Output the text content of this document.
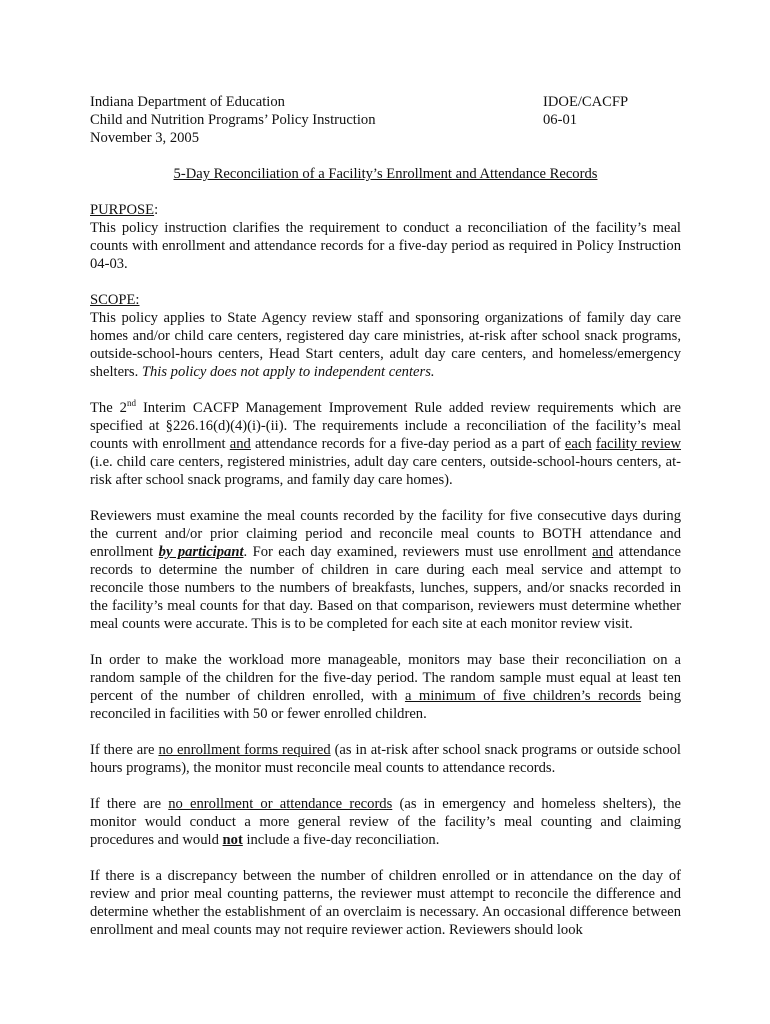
Indiana Department of Education	IDOE/CACFP
Child and Nutrition Programs’ Policy Instruction	06-01
November 3, 2005
5-Day Reconciliation of a Facility’s Enrollment and Attendance Records
PURPOSE:

This policy instruction clarifies the requirement to conduct a reconciliation of the facility’s meal counts with enrollment and attendance records for a five-day period as required in Policy Instruction 04-03.

SCOPE:

This policy applies to State Agency review staff and sponsoring organizations of family day care homes and/or child care centers, registered day care ministries, at-risk after school snack programs, outside-school-hours centers, Head Start centers, adult day care centers, and homeless/emergency shelters. This policy does not apply to independent centers.

The 2nd Interim CACFP Management Improvement Rule added review requirements which are specified at §226.16(d)(4)(i)-(ii). The requirements include a reconciliation of the facility’s meal counts with enrollment and attendance records for a five-day period as a part of each facility review (i.e. child care centers, registered ministries, adult day care centers, outside-school-hours centers, at-risk after school snack programs, and family day care homes).

Reviewers must examine the meal counts recorded by the facility for five consecutive days during the current and/or prior claiming period and reconcile meal counts to BOTH attendance and enrollment by participant. For each day examined, reviewers must use enrollment and attendance records to determine the number of children in care during each meal service and attempt to reconcile those numbers to the numbers of breakfasts, lunches, suppers, and/or snacks recorded in the facility’s meal counts for that day. Based on that comparison, reviewers must determine whether meal counts were accurate. This is to be completed for each site at each monitor review visit.

In order to make the workload more manageable, monitors may base their reconciliation on a random sample of the children for the five-day period. The random sample must equal at least ten percent of the number of children enrolled, with a minimum of five children’s records being reconciled in facilities with 50 or fewer enrolled children.

If there are no enrollment forms required (as in at-risk after school snack programs or outside school hours programs), the monitor must reconcile meal counts to attendance records.

If there are no enrollment or attendance records (as in emergency and homeless shelters), the monitor would conduct a more general review of the facility’s meal counting and claiming procedures and would not include a five-day reconciliation.

If there is a discrepancy between the number of children enrolled or in attendance on the day of review and prior meal counting patterns, the reviewer must attempt to reconcile the difference and determine whether the establishment of an overclaim is necessary. An occasional difference between enrollment and meal counts may not require reviewer action. Reviewers should look
